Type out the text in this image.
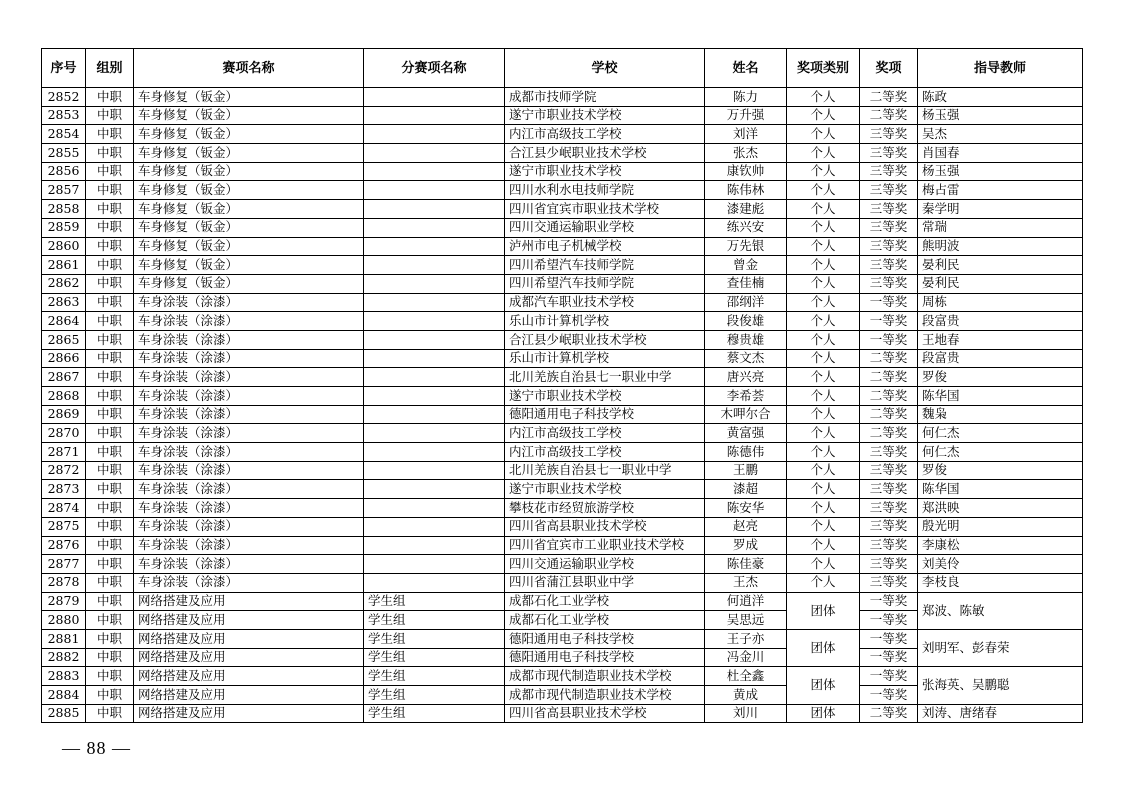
序号	组别	赛项名称	分赛项名称	学校	姓名	奖项类别	奖项	指导教师
2852	中职	车身修复（钣金）		成都市技师学院	陈力	个人	二等奖	陈政
2853	中职	车身修复（钣金）		遂宁市职业技术学校	万升强	个人	二等奖	杨玉强
2854	中职	车身修复（钣金）		内江市高级技工学校	刘洋	个人	三等奖	吴杰
2855	中职	车身修复（钣金）		合江县少岷职业技术学校	张杰	个人	三等奖	肖国春
2856	中职	车身修复（钣金）		遂宁市职业技术学校	康钦帅	个人	三等奖	杨玉强
2857	中职	车身修复（钣金）		四川水利水电技师学院	陈伟林	个人	三等奖	梅占雷
2858	中职	车身修复（钣金）		四川省宜宾市职业技术学校	漆建彪	个人	三等奖	秦学明
2859	中职	车身修复（钣金）		四川交通运输职业学校	练兴安	个人	三等奖	常瑞
2860	中职	车身修复（钣金）		泸州市电子机械学校	万先银	个人	三等奖	熊明波
2861	中职	车身修复（钣金）		四川希望汽车技师学院	曾金	个人	三等奖	晏利民
2862	中职	车身修复（钣金）		四川希望汽车技师学院	查佳楠	个人	三等奖	晏利民
2863	中职	车身涂装（涂漆）		成都汽车职业技术学校	邵纲洋	个人	一等奖	周栋
2864	中职	车身涂装（涂漆）		乐山市计算机学校	段俊雄	个人	一等奖	段富贵
2865	中职	车身涂装（涂漆）		合江县少岷职业技术学校	穆贵雄	个人	一等奖	王地春
2866	中职	车身涂装（涂漆）		乐山市计算机学校	蔡文杰	个人	二等奖	段富贵
2867	中职	车身涂装（涂漆）		北川羌族自治县七一职业中学	唐兴亮	个人	二等奖	罗俊
2868	中职	车身涂装（涂漆）		遂宁市职业技术学校	李希荟	个人	二等奖	陈华国
2869	中职	车身涂装（涂漆）		德阳通用电子科技学校	木呷尔合	个人	二等奖	魏枭
2870	中职	车身涂装（涂漆）		内江市高级技工学校	黄富强	个人	二等奖	何仁杰
2871	中职	车身涂装（涂漆）		内江市高级技工学校	陈德伟	个人	三等奖	何仁杰
2872	中职	车身涂装（涂漆）		北川羌族自治县七一职业中学	王鹏	个人	三等奖	罗俊
2873	中职	车身涂装（涂漆）		遂宁市职业技术学校	漆超	个人	三等奖	陈华国
2874	中职	车身涂装（涂漆）		攀枝花市经贸旅游学校	陈安华	个人	三等奖	郑洪映
2875	中职	车身涂装（涂漆）		四川省高县职业技术学校	赵亮	个人	三等奖	殷光明
2876	中职	车身涂装（涂漆）		四川省宜宾市工业职业技术学校	罗成	个人	三等奖	李康松
2877	中职	车身涂装（涂漆）		四川交通运输职业学校	陈佳豪	个人	三等奖	刘美伶
2878	中职	车身涂装（涂漆）		四川省蒲江县职业中学	王杰	个人	三等奖	李枝良
2879	中职	网络搭建及应用	学生组	成都石化工业学校	何逍洋	团体	一等奖	郑波、陈敏
2880	中职	网络搭建及应用	学生组	成都石化工业学校	吴思远		一等奖	
2881	中职	网络搭建及应用	学生组	德阳通用电子科技学校	王子亦	团体	一等奖	刘明军、彭春荣
2882	中职	网络搭建及应用	学生组	德阳通用电子科技学校	冯金川		一等奖	
2883	中职	网络搭建及应用	学生组	成都市现代制造职业技术学校	杜全鑫	团体	一等奖	张海英、吴鹏聪
2884	中职	网络搭建及应用	学生组	成都市现代制造职业技术学校	黄成		一等奖	
2885	中职	网络搭建及应用	学生组	四川省高县职业技术学校	刘川	团体	二等奖	刘涛、唐绪春
— 88 —
